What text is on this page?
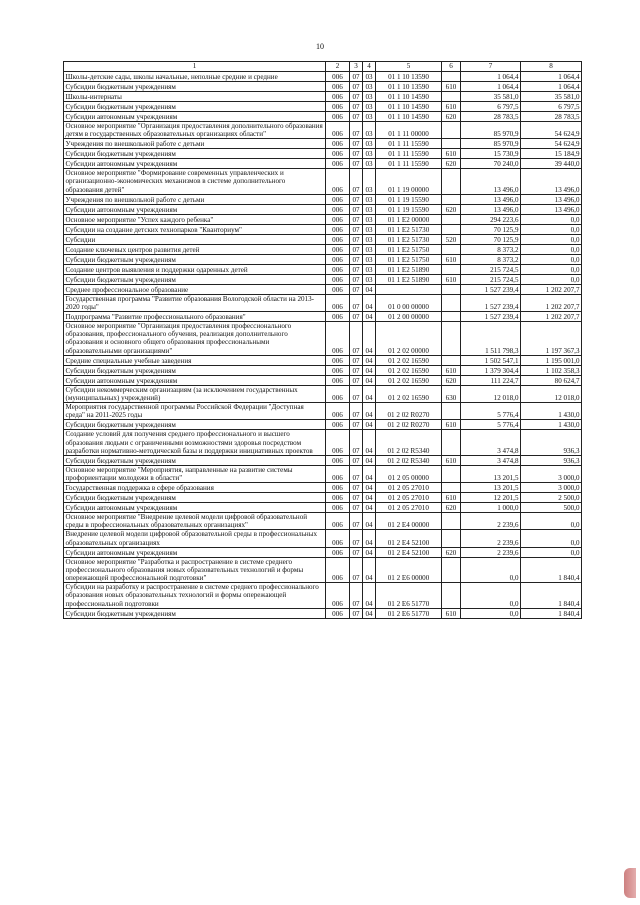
10
1	2	3	4	5	6	7	8
Школы-детские сады, школы начальные, неполные средние и средние	006	07	03	01 1 10 13590		1 064,4	1 064,4
Субсидии бюджетным учреждениям	006	07	03	01 1 10 13590	610	1 064,4	1 064,4
Школы-интернаты	006	07	03	01 1 10 14590		35 581,0	35 581,0
Субсидии бюджетным учреждениям	006	07	03	01 1 10 14590	610	6 797,5	6 797,5
Субсидии автономным учреждениям	006	07	03	01 1 10 14590	620	28 783,5	28 783,5
Основное мероприятие "Организация предоставления дополнительного образования детям в государственных образовательных организациях области"	006	07	03	01 1 11 00000		85 970,9	54 624,9
Учреждения по внешкольной работе с детьми	006	07	03	01 1 11 15590		85 970,9	54 624,9
Субсидии бюджетным учреждениям	006	07	03	01 1 11 15590	610	15 730,9	15 184,9
Субсидии автономным учреждениям	006	07	03	01 1 11 15590	620	70 240,0	39 440,0
Основное мероприятие "Формирование современных управленческих и организационно-экономических механизмов в системе дополнительного образования детей"	006	07	03	01 1 19 00000		13 496,0	13 496,0
Учреждения по внешкольной работе с детьми	006	07	03	01 1 19 15590		13 496,0	13 496,0
Субсидии автономным учреждениям	006	07	03	01 1 19 15590	620	13 496,0	13 496,0
Основное мероприятие "Успех каждого ребенка"	006	07	03	01 1 E2 00000		294 223,6	0,0
Субсидии на создание детских технопарков "Кванториум"	006	07	03	01 1 E2 51730		70 125,9	0,0
Субсидии	006	07	03	01 1 E2 51730	520	70 125,9	0,0
Создание ключевых центров развития детей	006	07	03	01 1 E2 51750		8 373,2	0,0
Субсидии бюджетным учреждениям	006	07	03	01 1 E2 51750	610	8 373,2	0,0
Создание центров выявления и поддержки одаренных детей	006	07	03	01 1 E2 51890		215 724,5	0,0
Субсидии бюджетным учреждениям	006	07	03	01 1 E2 51890	610	215 724,5	0,0
Среднее профессиональное образование	006	07	04			1 527 239,4	1 202 207,7
Государственная программа "Развитие образования Вологодской области на 2013-2020 годы"	006	07	04	01 0 00 00000		1 527 239,4	1 202 207,7
Подпрограмма "Развитие профессионального образования"	006	07	04	01 2 00 00000		1 527 239,4	1 202 207,7
Основное мероприятие "Организация предоставления профессионального образования, профессионального обучения, реализация дополнительного образования и основного общего образования профессиональными образовательными организациями"	006	07	04	01 2 02 00000		1 511 798,3	1 197 367,3
Средние специальные учебные заведения	006	07	04	01 2 02 16590		1 502 547,1	1 195 001,0
Субсидии бюджетным учреждениям	006	07	04	01 2 02 16590	610	1 379 304,4	1 102 358,3
Субсидии автономным учреждениям	006	07	04	01 2 02 16590	620	111 224,7	80 624,7
Субсидии некоммерческим организациям (за исключением государственных (муниципальных) учреждений)	006	07	04	01 2 02 16590	630	12 018,0	12 018,0
Мероприятия государственной программы Российской Федерации "Доступная среда" на 2011-2025 годы	006	07	04	01 2 02 R0270		5 776,4	1 430,0
Субсидии бюджетным учреждениям	006	07	04	01 2 02 R0270	610	5 776,4	1 430,0
Создание условий для получения среднего профессионального и высшего образования людьми с ограниченными возможностями здоровья посредством разработки нормативно-методической базы и поддержки инициативных проектов	006	07	04	01 2 02 R5340		3 474,8	936,3
Субсидии бюджетным учреждениям	006	07	04	01 2 02 R5340	610	3 474,8	936,3
Основное мероприятие "Мероприятия, направленные на развитие системы профориентации молодежи в области"	006	07	04	01 2 05 00000		13 201,5	3 000,0
Государственная поддержка в сфере образования	006	07	04	01 2 05 27010		13 201,5	3 000,0
Субсидии бюджетным учреждениям	006	07	04	01 2 05 27010	610	12 201,5	2 500,0
Субсидии автономным учреждениям	006	07	04	01 2 05 27010	620	1 000,0	500,0
Основное мероприятие "Внедрение целевой модели цифровой образовательной среды в профессиональных образовательных организациях"	006	07	04	01 2 E4 00000		2 239,6	0,0
Внедрение целевой модели цифровой образовательной среды в профессиональных образовательных организациях	006	07	04	01 2 E4 52100		2 239,6	0,0
Субсидии автономным учреждениям	006	07	04	01 2 E4 52100	620	2 239,6	0,0
Основное мероприятие "Разработка и распространение в системе среднего профессионального образования новых образовательных технологий и формы опережающей профессиональной подготовки"	006	07	04	01 2 E6 00000		0,0	1 840,4
Субсидии на разработку и распространение в системе среднего профессионального образования новых образовательных технологий и формы опережающей профессиональной подготовки	006	07	04	01 2 E6 51770		0,0	1 840,4
Субсидии бюджетным учреждениям	006	07	04	01 2 E6 51770	610	0,0	1 840,4
